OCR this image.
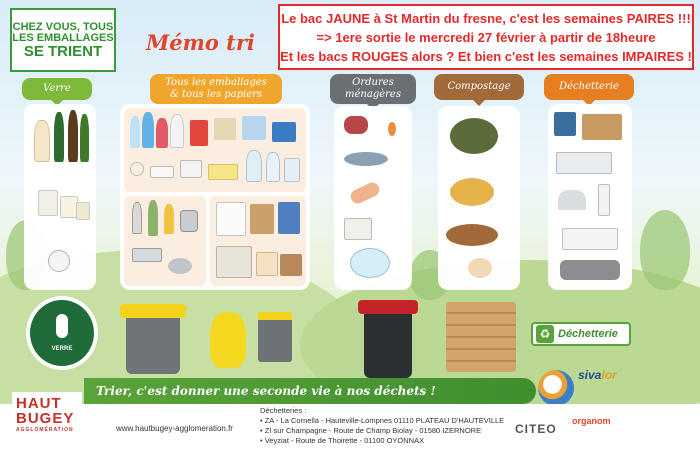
CHEZ VOUS, TOUS
LES EMBALLAGES
SE TRIENT Mémo tri
Le bac JAUNE à St Martin du fresne, c'est les semaines PAIRES !!!
=> 1ere sortie le mercredi 27 février à partir de 18heure
Et les bacs ROUGES alors ? Et bien c'est les semaines IMPAIRES !
Verre
Tous les emballages & tous les papiers
Ordures ménagères
Compostage	Déchetterie
VERRE
♻ Déchetterie
Trier, c'est donner une seconde vie à nos déchets !
sivalor
HAUT
BUGEY
AGGLOMÉRATION	www.hautbugey-agglomeration.fr
Déchetteries :
• ZA - La Cornella - Hauteville-Lompnes 01110 PLATEAU D'HAUTEVILLE
• ZI sur Champagne - Route de Champ Biolay - 01580 IZERNORE
• Veyziat - Route de Thoirette - 01100 OYONNAX
CITEO
organom
